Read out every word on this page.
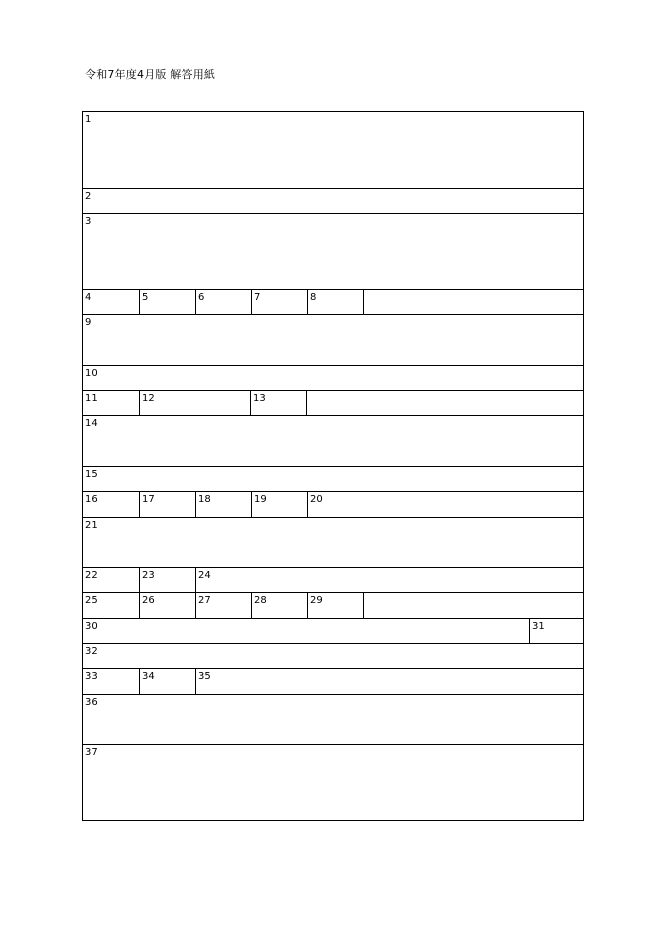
令和7年度4月版 解答用紙
1
2
3
4	5	6	7	8
9
10
11	12	13
14
15
16	17	18	19	20
21
22	23	24
25	26	27	28	29
30	31
32
33	34	35
36
37
